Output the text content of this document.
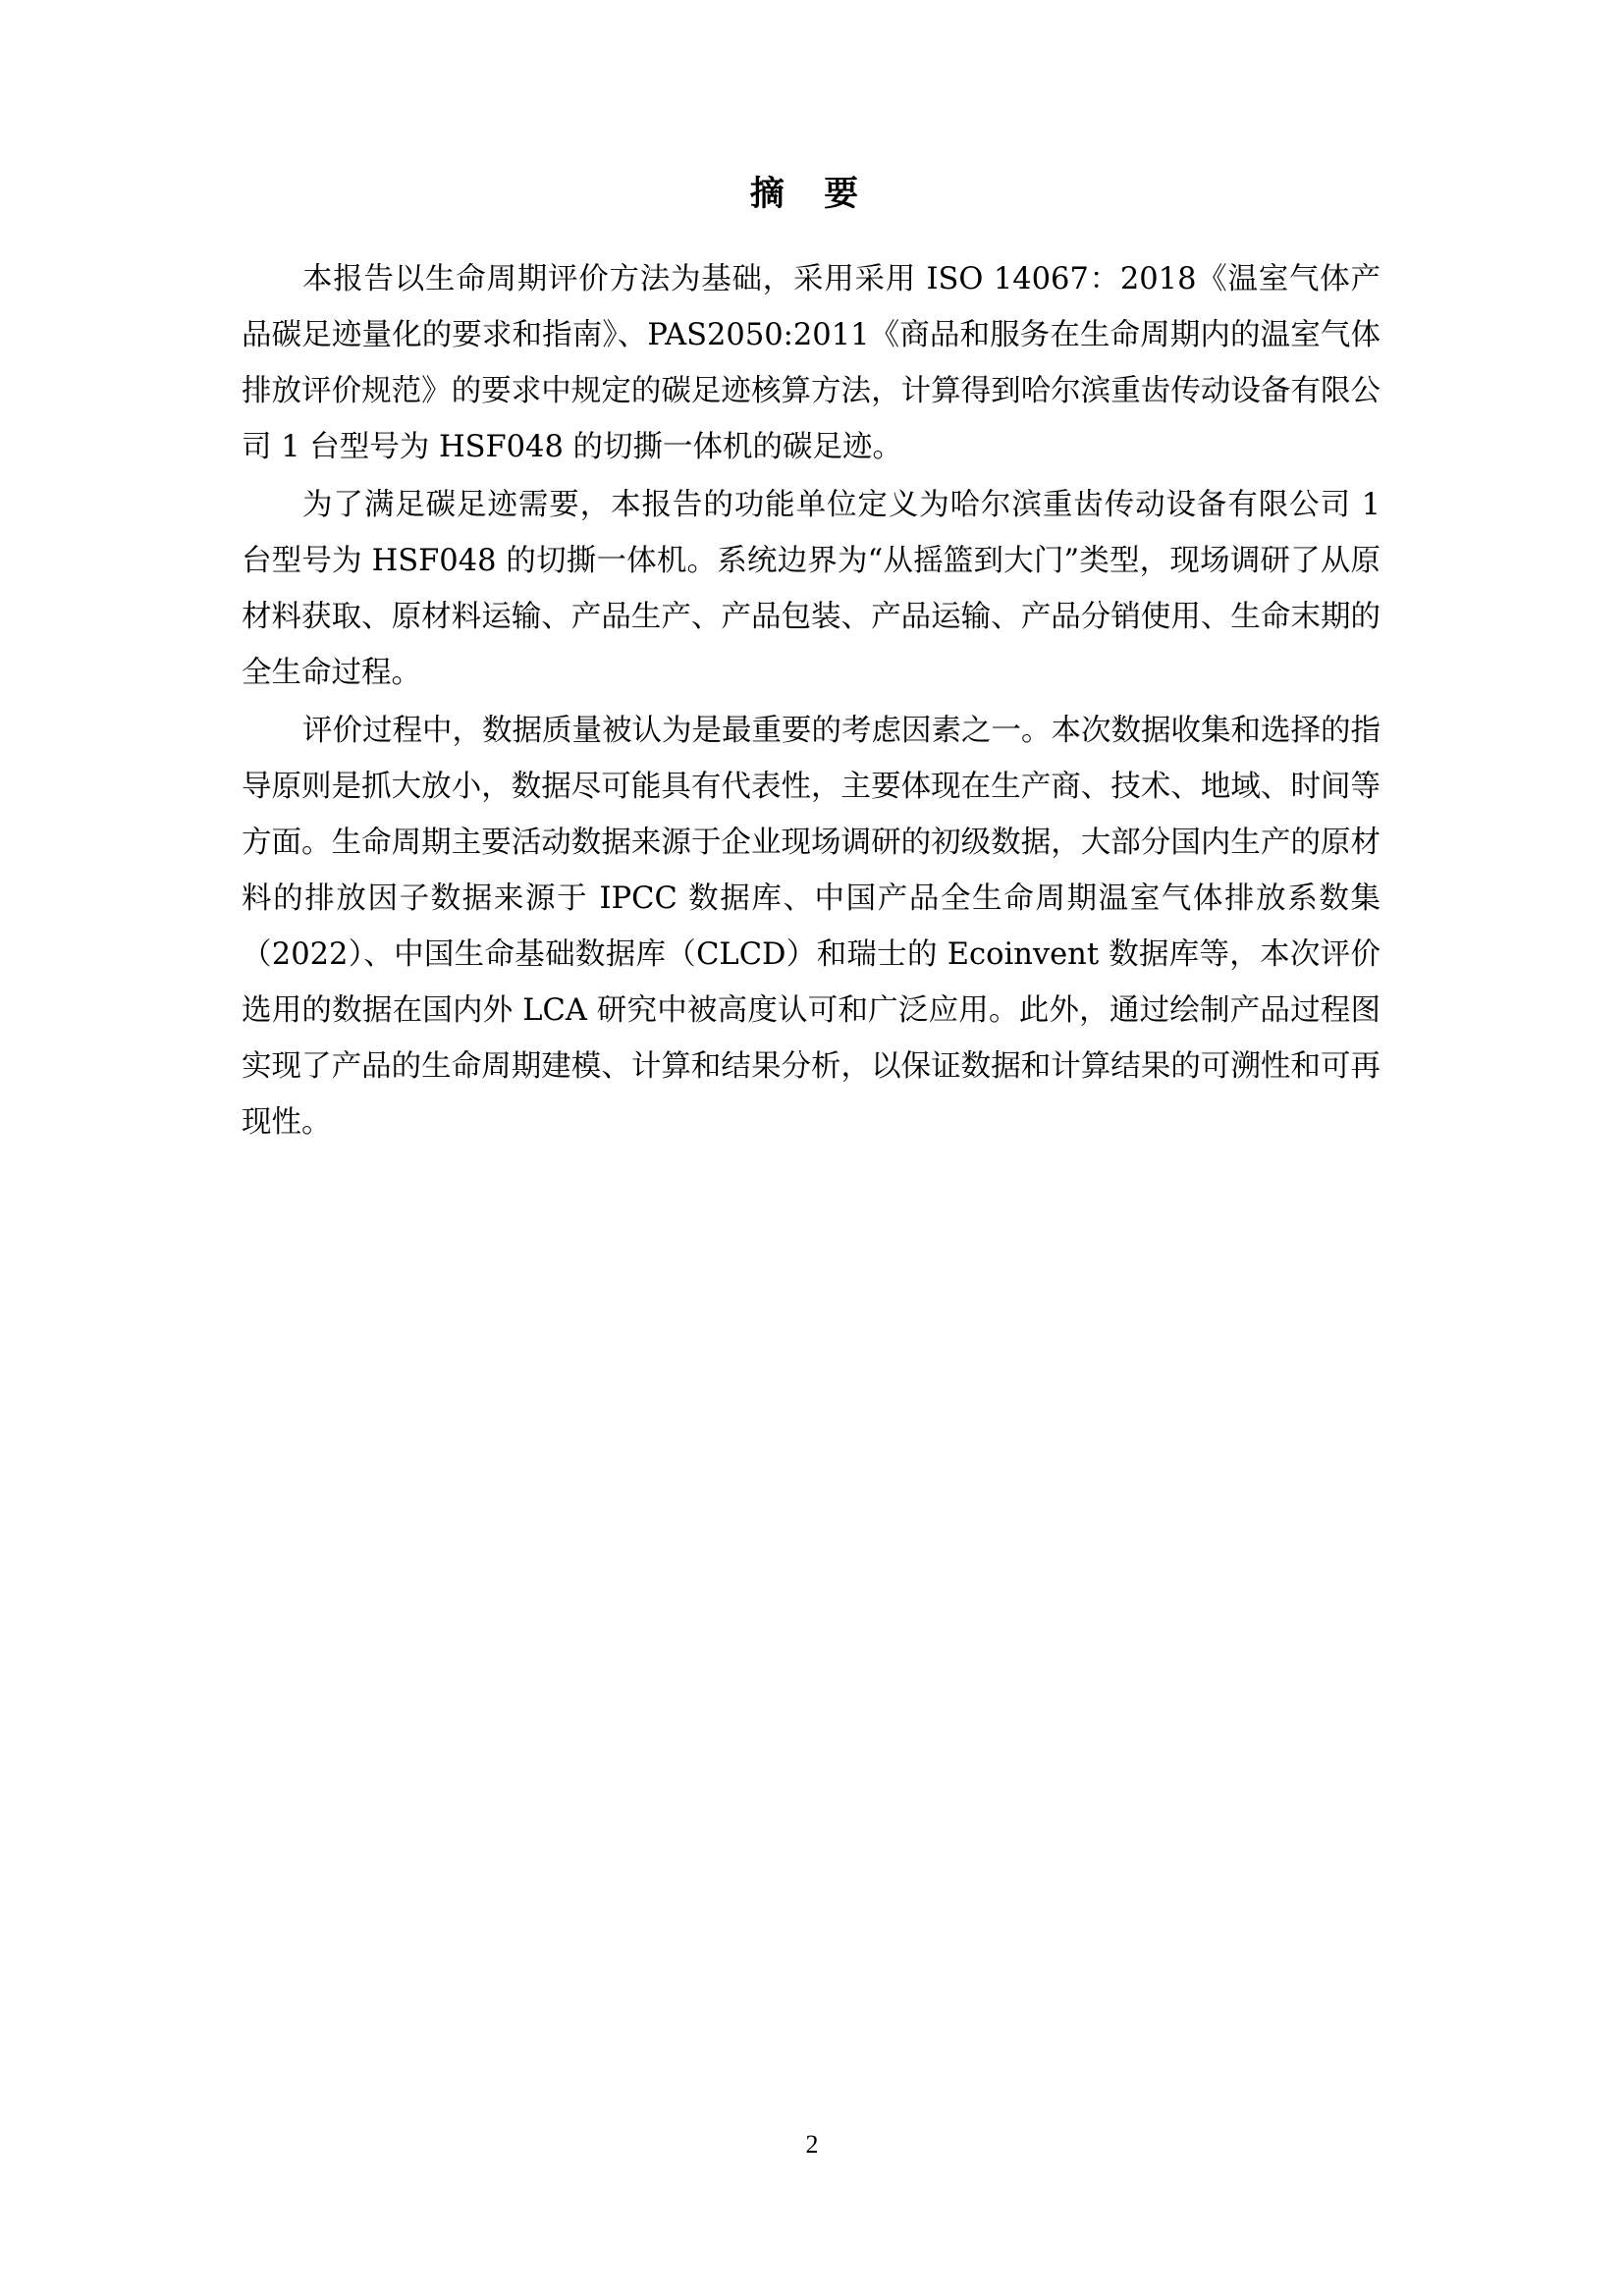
摘 要

本报告以生命周期评价方法为基础，采用采用 ISO 14067：2018《温室气体产品碳足迹量化的要求和指南》、PAS2050:2011《商品和服务在生命周期内的温室气体排放评价规范》的要求中规定的碳足迹核算方法，计算得到哈尔滨重齿传动设备有限公司 1 台型号为 HSF048 的切撕一体机的碳足迹。

为了满足碳足迹需要，本报告的功能单位定义为哈尔滨重齿传动设备有限公司 1 台型号为 HSF048 的切撕一体机。系统边界为“从摇篮到大门”类型，现场调研了从原材料获取、原材料运输、产品生产、产品包装、产品运输、产品分销使用、生命末期的全生命过程。

评价过程中，数据质量被认为是最重要的考虑因素之一。本次数据收集和选择的指导原则是抓大放小，数据尽可能具有代表性，主要体现在生产商、技术、地域、时间等方面。生命周期主要活动数据来源于企业现场调研的初级数据，大部分国内生产的原材料的排放因子数据来源于 IPCC 数据库、中国产品全生命周期温室气体排放系数集（2022）、中国生命基础数据库（CLCD）和瑞士的 Ecoinvent 数据库等，本次评价选用的数据在国内外 LCA 研究中被高度认可和广泛应用。此外，通过绘制产品过程图实现了产品的生命周期建模、计算和结果分析，以保证数据和计算结果的可溯性和可再现性。

2
